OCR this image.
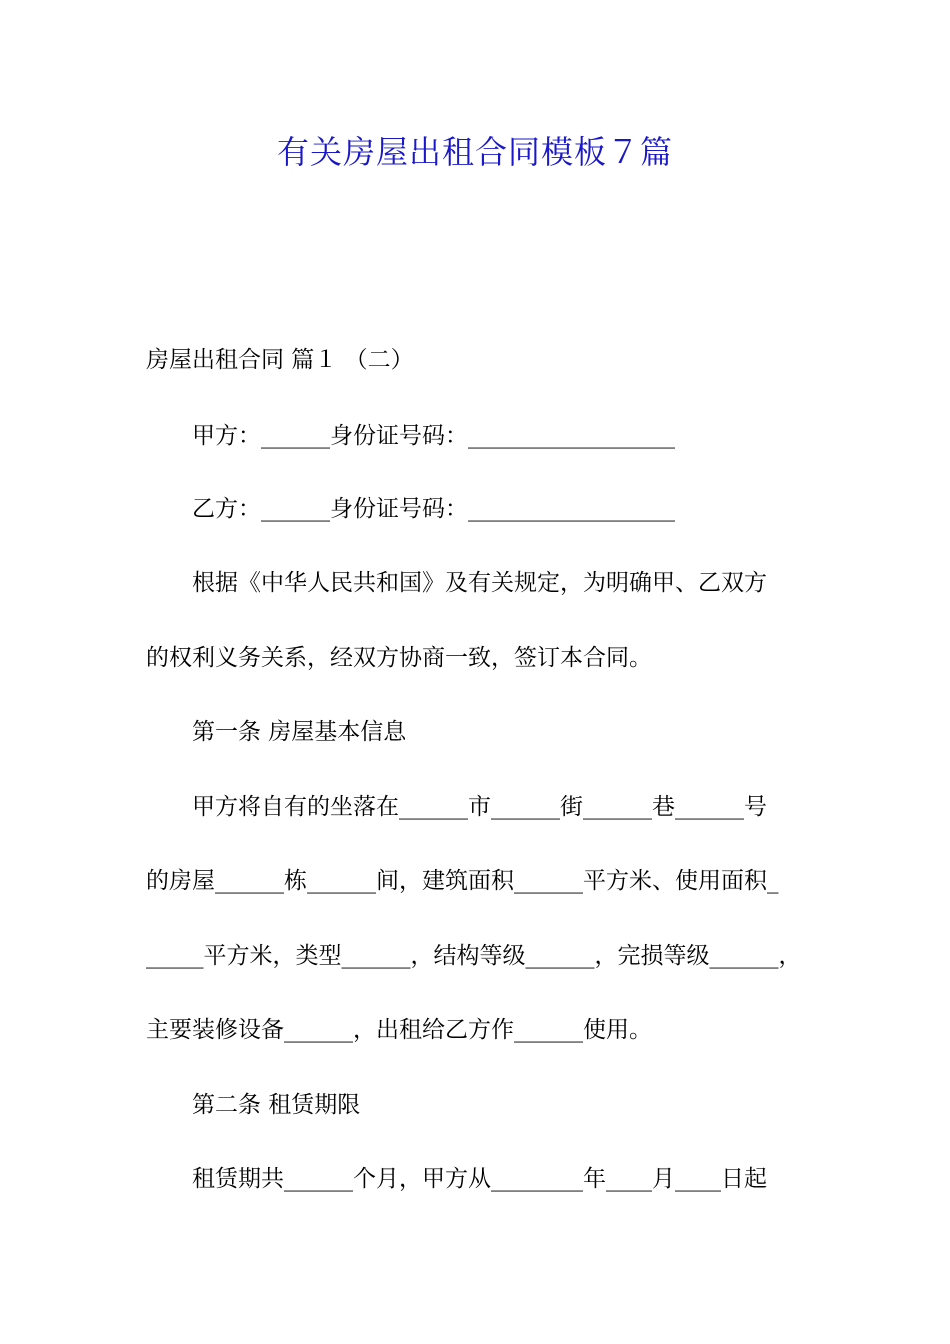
有关房屋出租合同模板７篇
房屋出租合同 篇１ （二）
甲方：______身份证号码：__________________
乙方：______身份证号码：__________________
根据《中华人民共和国》及有关规定，为明确甲、乙双方
的权利义务关系，经双方协商一致，签订本合同。
第一条 房屋基本信息
甲方将自有的坐落在______市______街______巷______号
的房屋______栋______间，建筑面积______平方米、使用面积_
_____平方米，类型______，结构等级______，完损等级______，
主要装修设备______，出租给乙方作______使用。
第二条 租赁期限
租赁期共______个月，甲方从________年____月____日起
